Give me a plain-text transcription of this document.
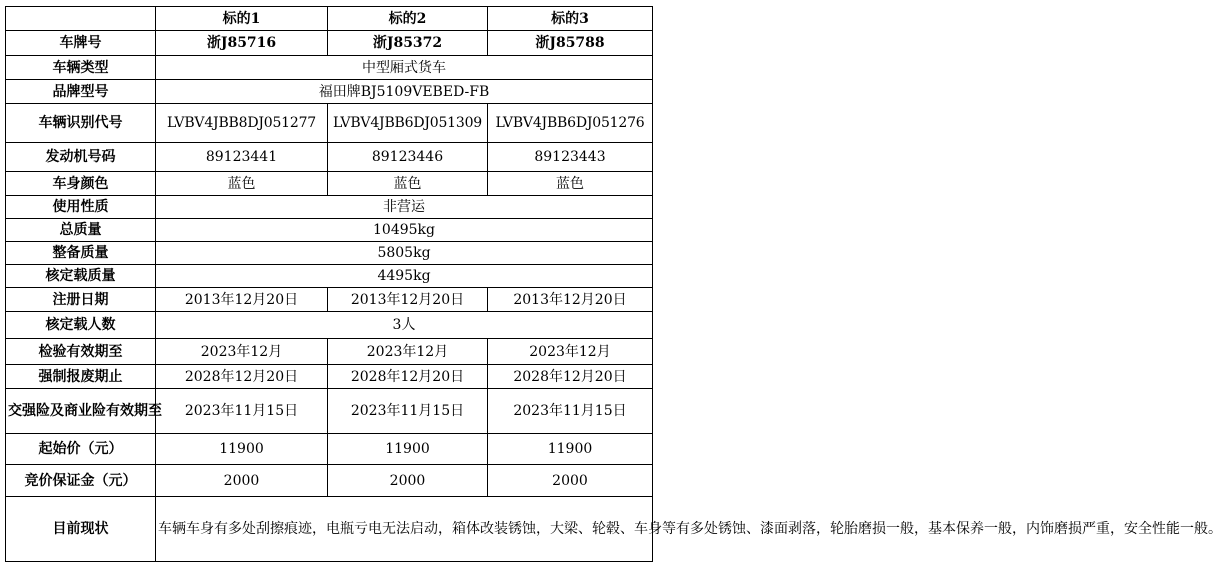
	标的1	标的2	标的3
车牌号	浙J85716	浙J85372	浙J85788
车辆类型	中型厢式货车		
品牌型号	福田牌BJ5109VEBED-FB		
车辆识别代号	LVBV4JBB8DJ051277	LVBV4JBB6DJ051309	LVBV4JBB6DJ051276
发动机号码	89123441	89123446	89123443
车身颜色	蓝色	蓝色	蓝色
使用性质	非营运		
总质量	10495kg		
整备质量	5805kg		
核定载质量	4495kg		
注册日期	2013年12月20日	2013年12月20日	2013年12月20日
核定载人数	3人		
检验有效期至	2023年12月	2023年12月	2023年12月
强制报废期止	2028年12月20日	2028年12月20日	2028年12月20日
交强险及商业险有效期至	2023年11月15日	2023年11月15日	2023年11月15日
起始价（元）	11900	11900	11900
竞价保证金（元）	2000	2000	2000
目前现状	车辆车身有多处刮擦痕迹，电瓶亏电无法启动，箱体改装锈蚀，大梁、轮毂、车身等有多处锈蚀、漆面剥落，轮胎磨损一般，基本保养一般，内饰磨损严重，安全性能一般。		
